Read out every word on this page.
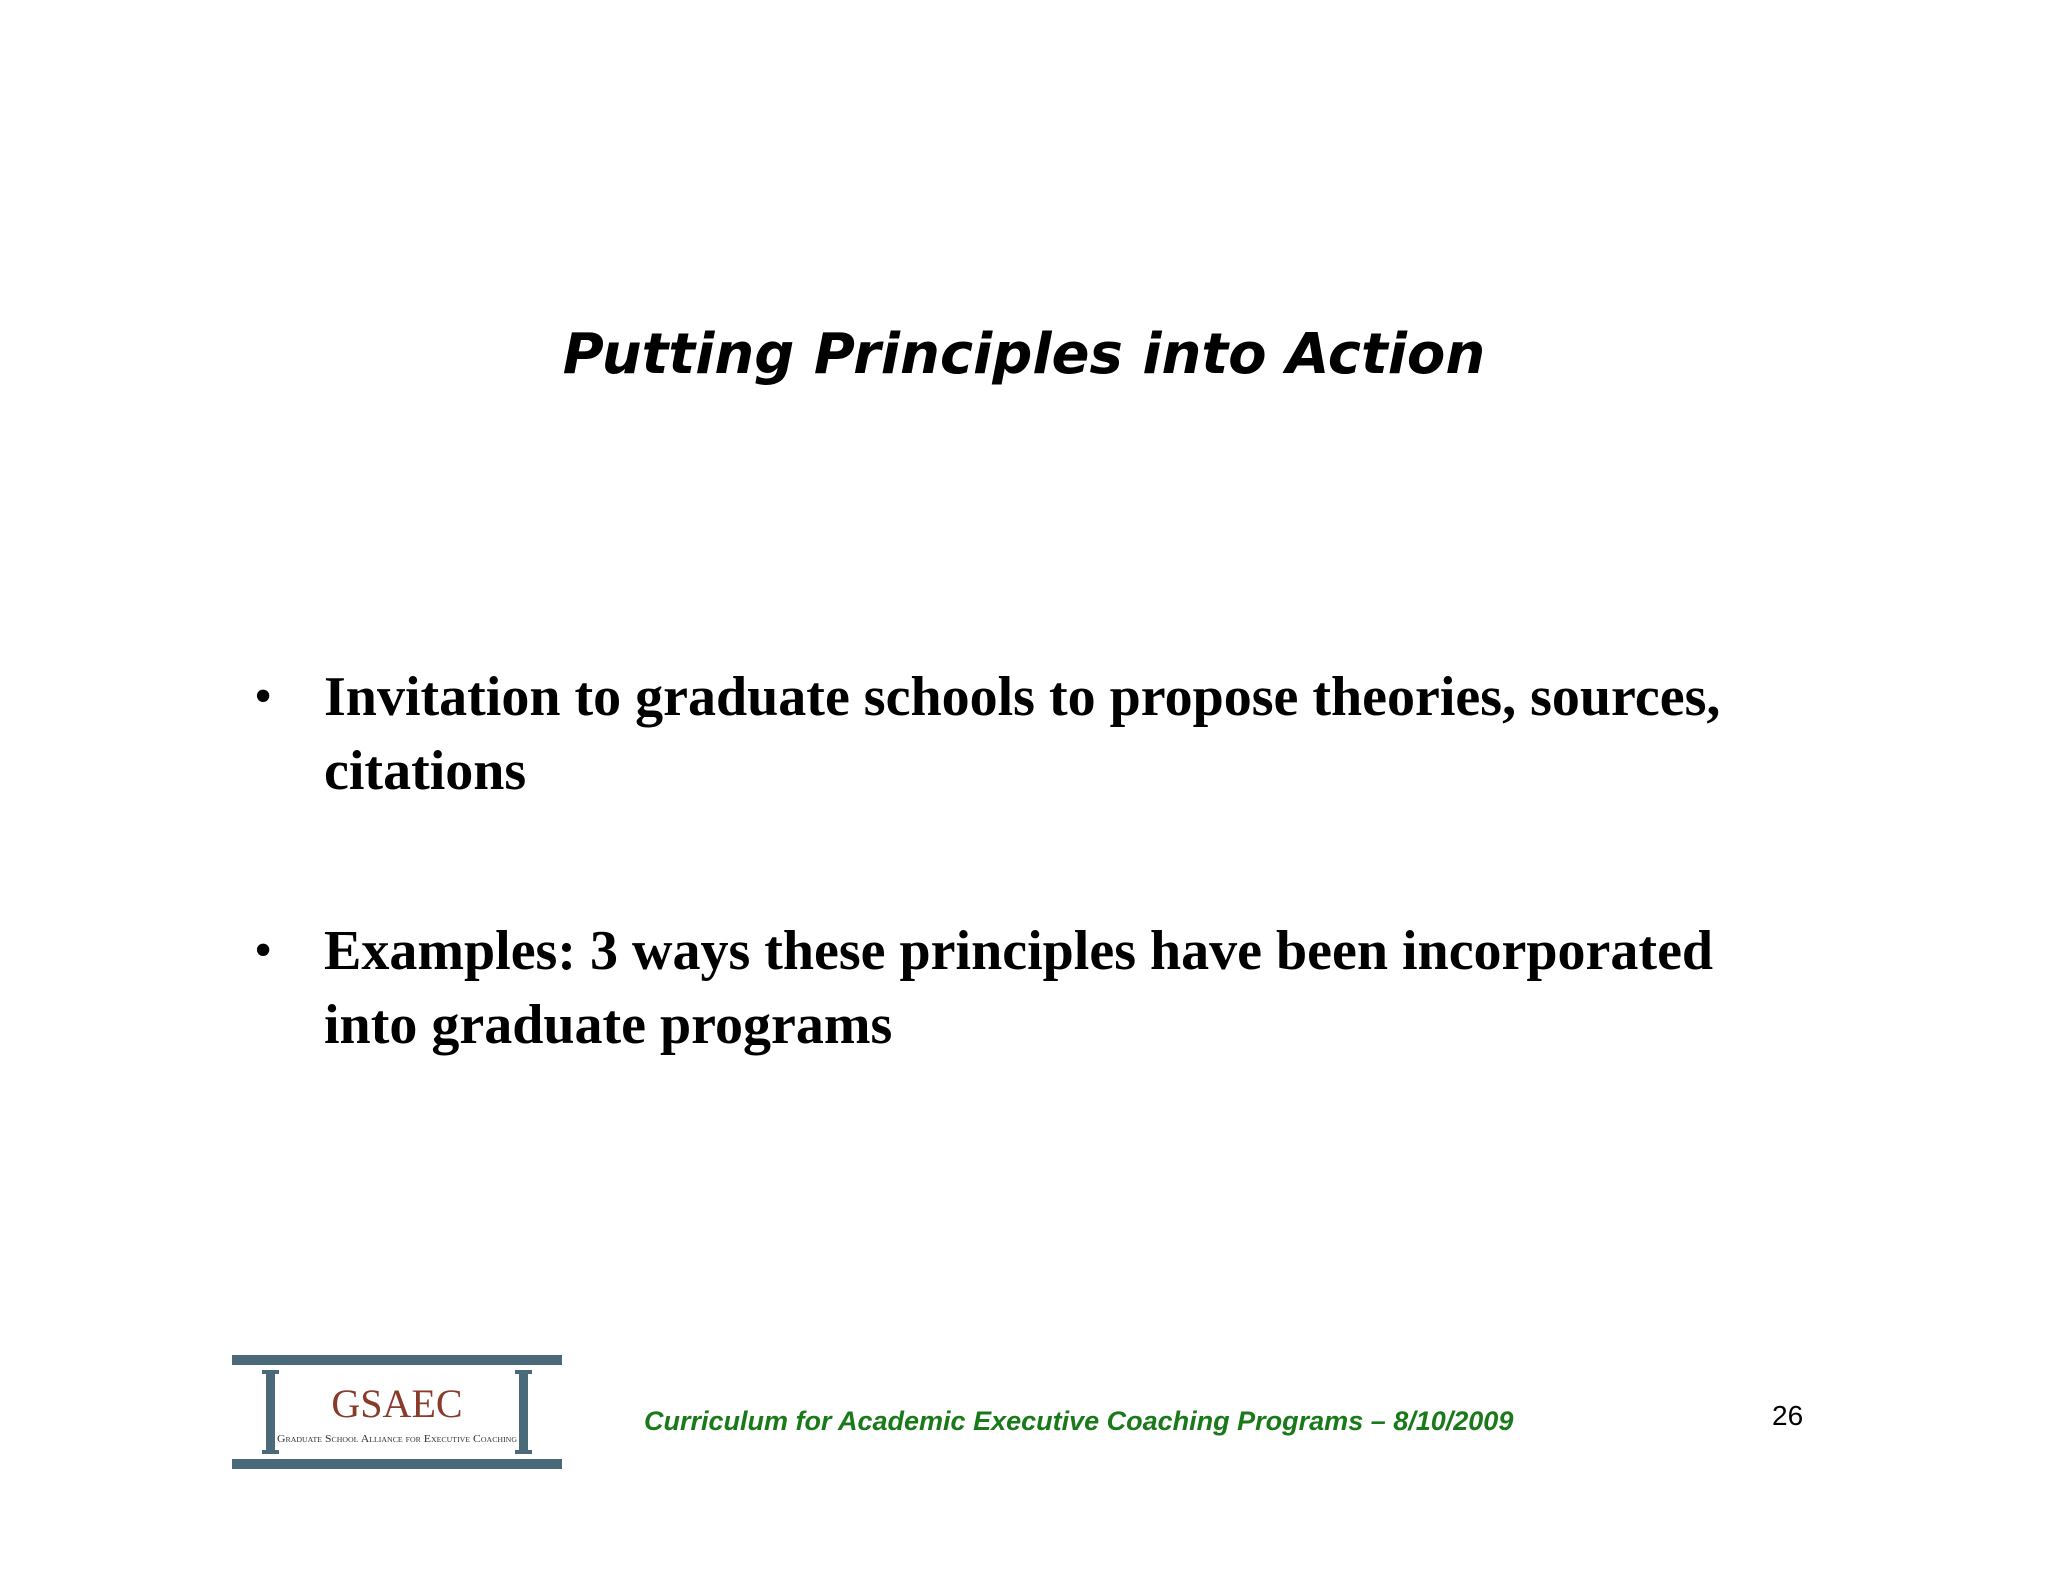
Putting Principles into Action
• Invitation to graduate schools to propose theories, sources, citations
• Examples: 3 ways these principles have been incorporated into graduate programs
GSAEC
Graduate School Alliance for Executive Coaching
Curriculum for Academic Executive Coaching Programs – 8/10/2009	26
